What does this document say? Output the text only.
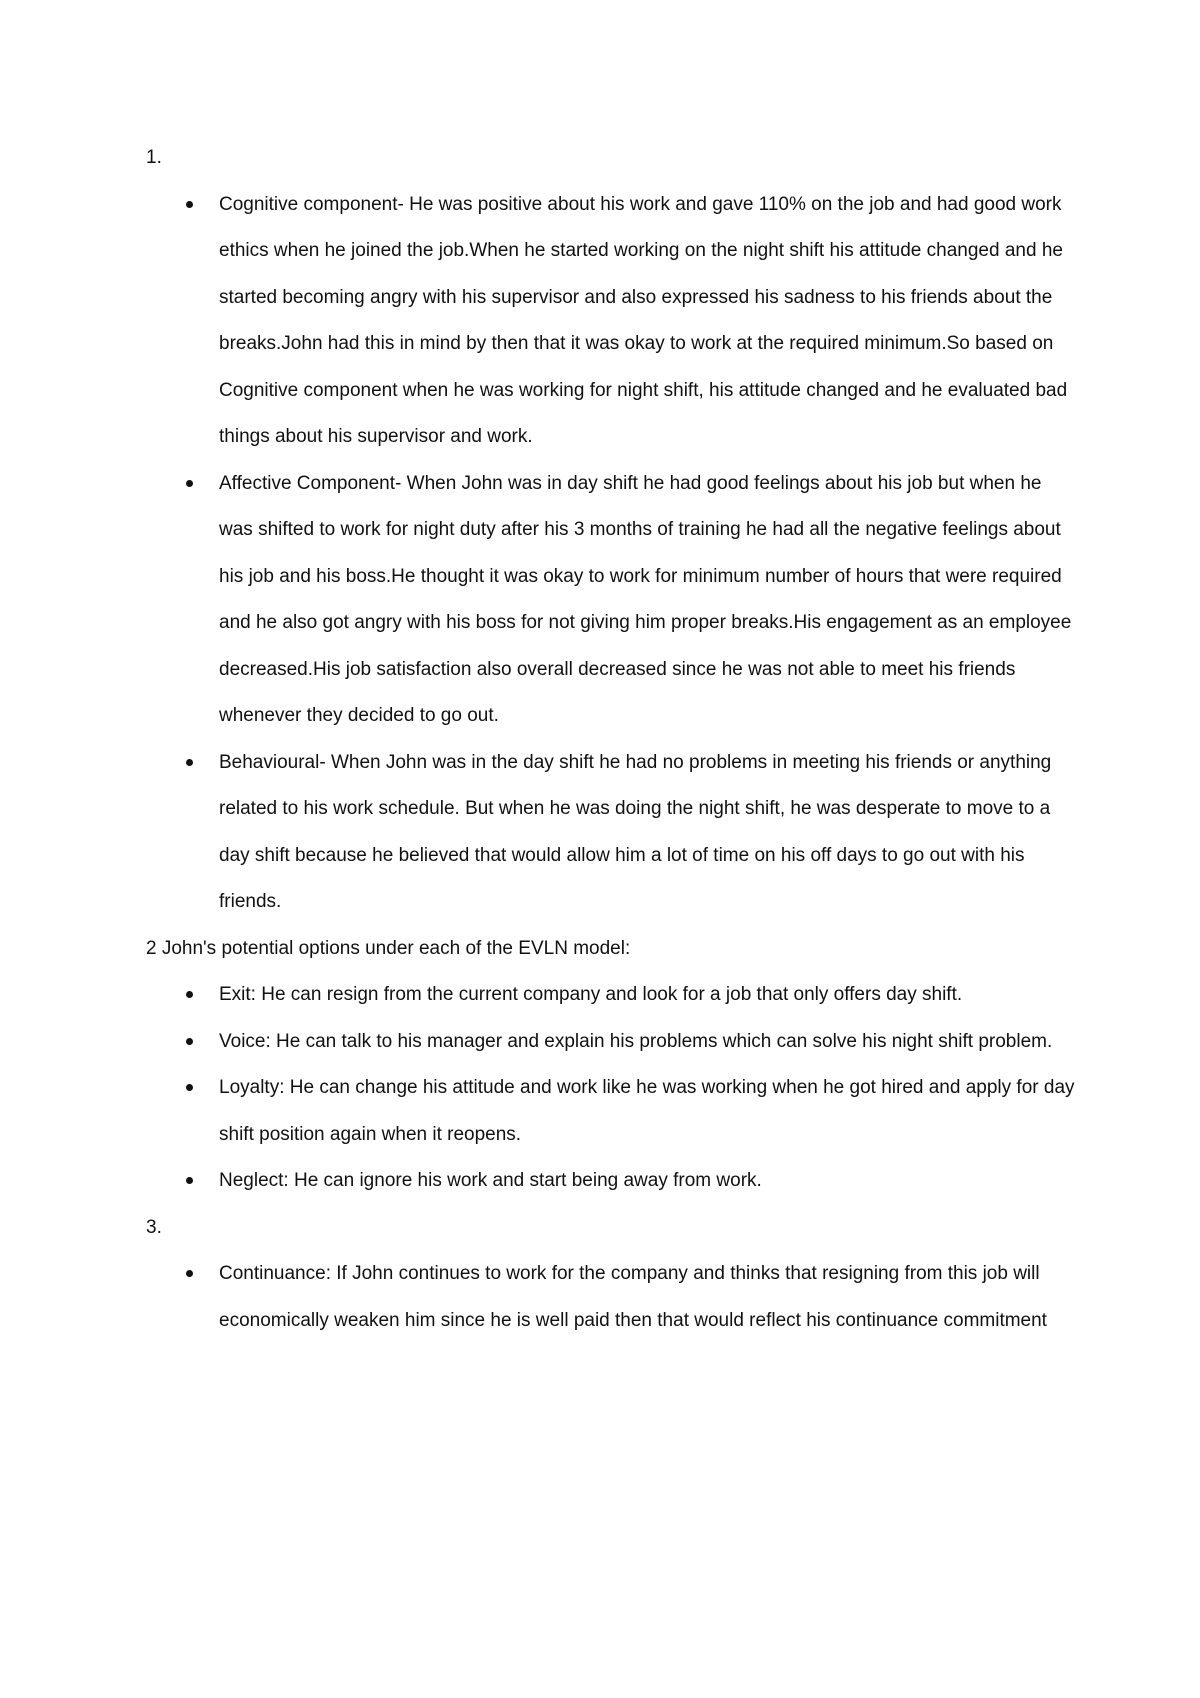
1.

Cognitive component- He was positive about his work and gave 110% on the job and had good work ethics when he joined the job.When he started working on the night shift his attitude changed and he started becoming angry with his supervisor and also expressed his sadness to his friends about the breaks.John had this in mind by then that it was okay to work at the required minimum.So based on Cognitive component when he was working for night shift, his attitude changed and he evaluated bad things about his supervisor and work.
Affective Component- When John was in day shift he had good feelings about his job but when he was shifted to work for night duty after his 3 months of training he had all the negative feelings about his job and his boss.He thought it was okay to work for minimum number of hours that were required and he also got angry with his boss for not giving him proper breaks.His engagement as an employee decreased.His job satisfaction also overall decreased since he was not able to meet his friends whenever they decided to go out.
Behavioural- When John was in the day shift he had no problems in meeting his friends or anything related to his work schedule. But when he was doing the night shift, he was desperate to move to a day shift because he believed that would allow him a lot of time on his off days to go out with his friends.

2 John's potential options under each of the EVLN model:

Exit: He can resign from the current company and look for a job that only offers day shift.
Voice: He can talk to his manager and explain his problems which can solve his night shift problem.
Loyalty: He can change his attitude and work like he was working when he got hired and apply for day shift position again when it reopens.
Neglect: He can ignore his work and start being away from work.

3.

Continuance: If John continues to work for the company and thinks that resigning from this job will economically weaken him since he is well paid then that would reflect his continuance commitment
